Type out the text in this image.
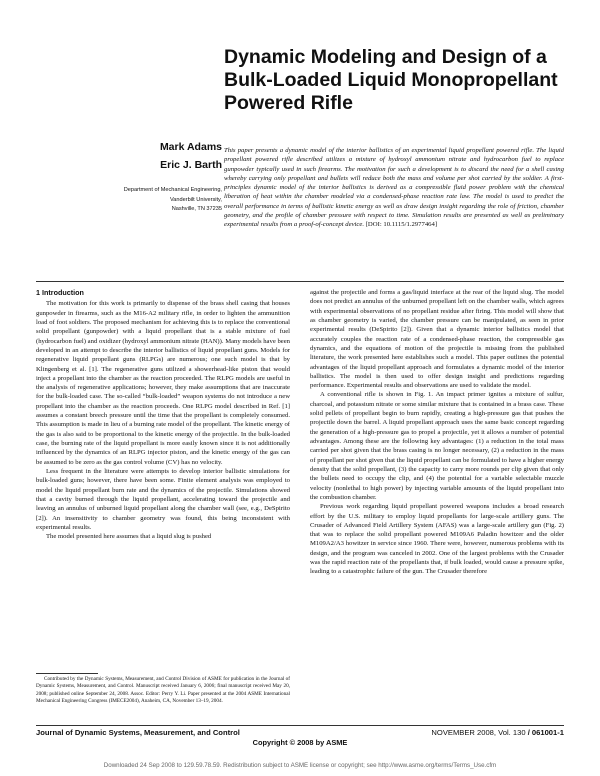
Dynamic Modeling and Design of a Bulk-Loaded Liquid Monopropellant Powered Rifle
Mark Adams
Eric J. Barth
Department of Mechanical Engineering,
Vanderbilt University,
Nashville, TN 37235
This paper presents a dynamic model of the interior ballistics of an experimental liquid propellant powered rifle. The liquid propellant powered rifle described utilizes a mixture of hydroxyl ammonium nitrate and hydrocarbon fuel to replace gunpowder typically used in such firearms. The motivation for such a development is to discard the need for a shell casing whereby carrying only propellant and bullets will reduce both the mass and volume per shot carried by the soldier. A first-principles dynamic model of the interior ballistics is derived as a compressible fluid power problem with the chemical liberation of heat within the chamber modeled via a condensed-phase reaction rate law. The model is used to predict the overall performance in terms of ballistic kinetic energy as well as draw design insight regarding the role of friction, chamber geometry, and the profile of chamber pressure with respect to time. Simulation results are presented as well as preliminary experimental results from a proof-of-concept device. [DOI: 10.1115/1.2977464]
1 Introduction

The motivation for this work is primarily to dispense of the brass shell casing that houses gunpowder in firearms, such as the M16-A2 military rifle, in order to lighten the ammunition load of foot soldiers. The proposed mechanism for achieving this is to replace the conventional solid propellant (gunpowder) with a liquid propellant that is a stable mixture of fuel (hydrocarbon fuel) and oxidizer (hydroxyl ammonium nitrate (HAN)). Many models have been developed in an attempt to describe the interior ballistics of liquid propellant guns. Models for regenerative liquid propellant guns (RLPGs) are numerous; one such model is that by Klingenberg et al. [1]. The regenerative guns utilized a showerhead-like piston that would inject a propellant into the chamber as the reaction proceeded. The RLPG models are useful in the analysis of regenerative applications; however, they make assumptions that are inaccurate for the bulk-loaded case. The so-called “bulk-loaded” weapon systems do not introduce a new propellant into the chamber as the reaction proceeds. One RLPG model described in Ref. [1] assumes a constant breech pressure until the time that the propellant is completely consumed. This assumption is made in lieu of a burning rate model of the propellant. The kinetic energy of the gas is also said to be proportional to the kinetic energy of the projectile. In the bulk-loaded case, the burning rate of the liquid propellant is more easily known since it is not additionally influenced by the dynamics of an RLPG injector piston, and the kinetic energy of the gas can be assumed to be zero as the gas control volume (CV) has no velocity.

Less frequent in the literature were attempts to develop interior ballistic simulations for bulk-loaded guns; however, there have been some. Finite element analysis was employed to model the liquid propellant burn rate and the dynamics of the projectile. Simulations showed that a cavity burned through the liquid propellant, accelerating toward the projectile and leaving an annulus of unburned liquid propellant along the chamber wall (see, e.g., DeSpirito [2]). An insensitivity to chamber geometry was found, this being inconsistent with experimental results.

The model presented here assumes that a liquid slug is pushed

against the projectile and forms a gas/liquid interface at the rear of the liquid slug. The model does not predict an annulus of the unburned propellant left on the chamber walls, which agrees with experimental observations of no propellant residue after firing. This model will show that as chamber geometry is varied, the chamber pressure can be manipulated, as seen in prior experimental results (DeSpirito [2]). Given that a dynamic interior ballistics model that accurately couples the reaction rate of a condensed-phase reaction, the compressible gas dynamics, and the equations of motion of the projectile is missing from the published literature, the work presented here establishes such a model. This paper outlines the potential advantages of the liquid propellant approach and formulates a dynamic model of the interior ballistics. The model is then used to offer design insight and predictions regarding performance. Experimental results and observations are used to validate the model.

A conventional rifle is shown in Fig. 1. An impact primer ignites a mixture of sulfur, charcoal, and potassium nitrate or some similar mixture that is contained in a brass case. These solid pellets of propellant begin to burn rapidly, creating a high-pressure gas that pushes the projectile down the barrel. A liquid propellant approach uses the same basic concept regarding the generation of a high-pressure gas to propel a projectile, yet it allows a number of potential advantages. Among these are the following key advantages: (1) a reduction in the total mass carried per shot given that the brass casing is no longer necessary, (2) a reduction in the mass of propellant per shot given that the liquid propellant can be formulated to have a higher energy density that the solid propellant, (3) the capacity to carry more rounds per clip given that only the bullets need to occupy the clip, and (4) the potential for a variable selectable muzzle velocity (nonlethal to high power) by injecting variable amounts of the liquid propellant into the combustion chamber.

Previous work regarding liquid propellant powered weapons includes a broad research effort by the U.S. military to employ liquid propellants for large-scale artillery guns. The Crusader of Advanced Field Artillery System (AFAS) was a large-scale artillery gun (Fig. 2) that was to replace the solid propellant powered M109A6 Paladin howitzer and the older M109A2/A3 howitzer in service since 1960. There were, however, numerous problems with its design, and the program was canceled in 2002. One of the largest problems with the Crusader was the rapid reaction rate of the propellants that, if bulk loaded, would cause a pressure spike, leading to a catastrophic failure of the gun. The Crusader therefore

Contributed by the Dynamic Systems, Measurement, and Control Division of ASME for publication in the Journal of Dynamic Systems, Measurement, and Control. Manuscript received January 6, 2006; final manuscript received May 20, 2008; published online September 24, 2008. Assoc. Editor: Perry Y. Li. Paper presented at the 2004 ASME International Mechanical Engineering Congress (IMECE2004), Anaheim, CA, November 13–19, 2004.
Journal of Dynamic Systems, Measurement, and Control	NOVEMBER 2008, Vol. 130 / 061001-1
Copyright © 2008 by ASME
Downloaded 24 Sep 2008 to 129.59.78.59. Redistribution subject to ASME license or copyright; see http://www.asme.org/terms/Terms_Use.cfm
